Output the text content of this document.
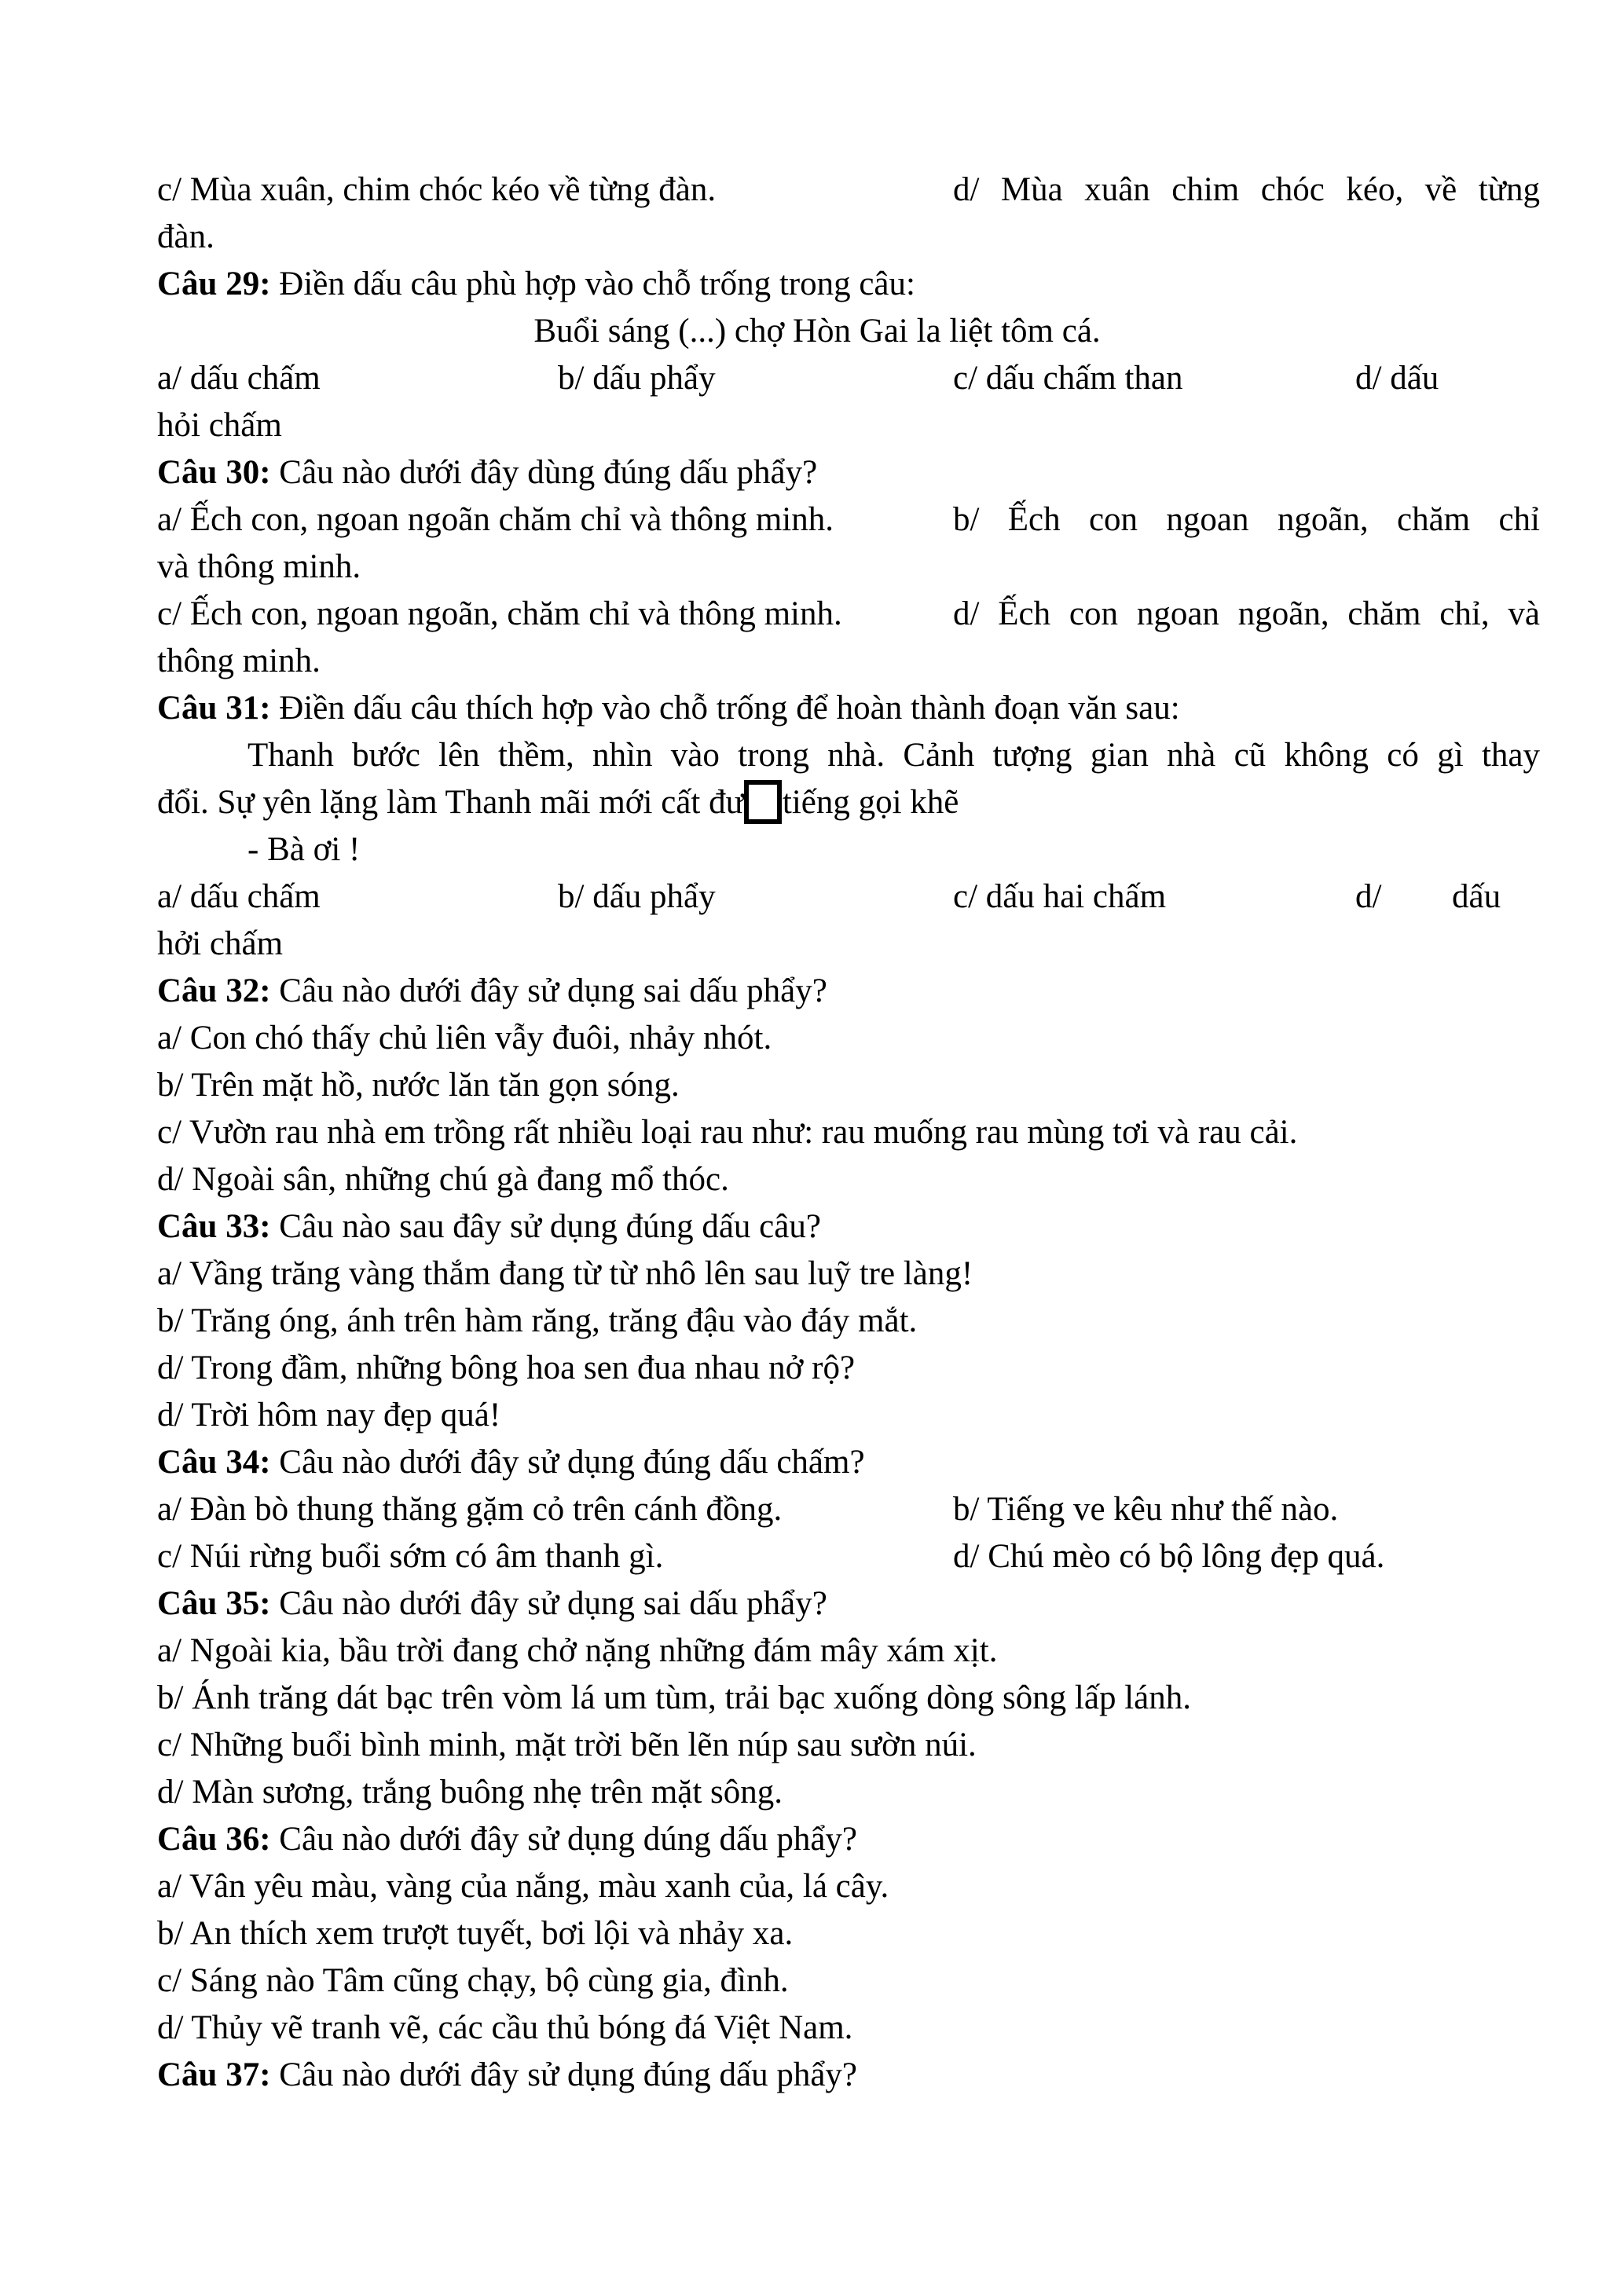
c/ Mùa xuân, chim chóc kéo về từng đàn.	d/ Mùa xuân chim chóc kéo, về từng
đàn.
Câu 29: Điền dấu câu phù hợp vào chỗ trống trong câu:
Buổi sáng (...) chợ Hòn Gai la liệt tôm cá.
a/ dấu chấm	b/ dấu phẩy	c/ dấu chấm than	d/ dấu
hỏi chấm
Câu 30: Câu nào dưới đây dùng đúng dấu phẩy?
a/ Ếch con, ngoan ngoãn chăm chỉ và thông minh.	b/ Ếch con ngoan ngoãn, chăm chỉ
và thông minh.
c/ Ếch con, ngoan ngoãn, chăm chỉ và thông minh.	d/ Ếch con ngoan ngoãn, chăm chỉ, và
thông minh.
Câu 31: Điền dấu câu thích hợp vào chỗ trống để hoàn thành đoạn văn sau:
Thanh bước lên thềm, nhìn vào trong nhà. Cảnh tượng gian nhà cũ không có gì thay
đổi. Sự yên lặng làm Thanh mãi mới cất đư tiếng gọi khẽ
- Bà ơi !
a/ dấu chấm	b/ dấu phẩy	c/ dấu hai chấm	d/ dấu
hởi chấm
Câu 32: Câu nào dưới đây sử dụng sai dấu phẩy?
a/ Con chó thấy chủ liên vẫy đuôi, nhảy nhót.
b/ Trên mặt hồ, nước lăn tăn gọn sóng.
c/ Vườn rau nhà em trồng rất nhiều loại rau như: rau muống rau mùng tơi và rau cải.
d/ Ngoài sân, những chú gà đang mổ thóc.
Câu 33: Câu nào sau đây sử dụng đúng dấu câu?
a/ Vầng trăng vàng thắm đang từ từ nhô lên sau luỹ tre làng!
b/ Trăng óng, ánh trên hàm răng, trăng đậu vào đáy mắt.
d/ Trong đầm, những bông hoa sen đua nhau nở rộ?
d/ Trời hôm nay đẹp quá!
Câu 34: Câu nào dưới đây sử dụng đúng dấu chấm?
a/ Đàn bò thung thăng gặm cỏ trên cánh đồng.	b/ Tiếng ve kêu như thế nào.
c/ Núi rừng buổi sớm có âm thanh gì.	d/ Chú mèo có bộ lông đẹp quá.
Câu 35: Câu nào dưới đây sử dụng sai dấu phẩy?
a/ Ngoài kia, bầu trời đang chở nặng những đám mây xám xịt.
b/ Ánh trăng dát bạc trên vòm lá um tùm, trải bạc xuống dòng sông lấp lánh.
c/ Những buổi bình minh, mặt trời bẽn lẽn núp sau sườn núi.
d/ Màn sương, trắng buông nhẹ trên mặt sông.
Câu 36: Câu nào dưới đây sử dụng dúng dấu phẩy?
a/ Vân yêu màu, vàng của nắng, màu xanh của, lá cây.
b/ An thích xem trượt tuyết, bơi lội và nhảy xa.
c/ Sáng nào Tâm cũng chạy, bộ cùng gia, đình.
d/ Thủy vẽ tranh vẽ, các cầu thủ bóng đá Việt Nam.
Câu 37: Câu nào dưới đây sử dụng đúng dấu phẩy?
